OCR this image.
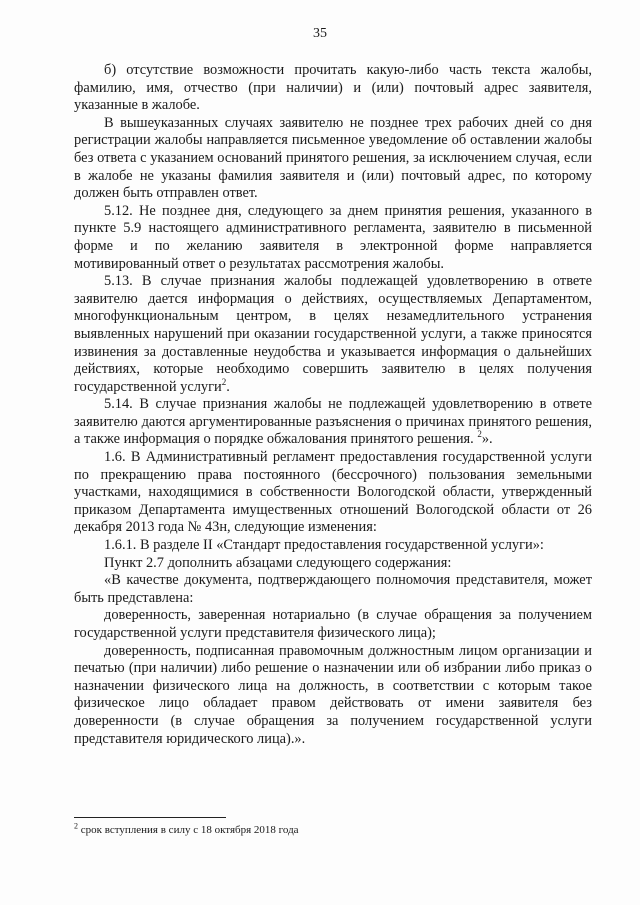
35

б) отсутствие возможности прочитать какую-либо часть текста жалобы, фамилию, имя, отчество (при наличии) и (или) почтовый адрес заявителя, указанные в жалобе.

В вышеуказанных случаях заявителю не позднее трех рабочих дней со дня регистрации жалобы направляется письменное уведомление об оставлении жалобы без ответа с указанием оснований принятого решения, за исключением случая, если в жалобе не указаны фамилия заявителя и (или) почтовый адрес, по которому должен быть отправлен ответ.

5.12. Не позднее дня, следующего за днем принятия решения, указанного в пункте 5.9 настоящего административного регламента, заявителю в письменной форме и по желанию заявителя в электронной форме направляется мотивированный ответ о результатах рассмотрения жалобы.

5.13. В случае признания жалобы подлежащей удовлетворению в ответе заявителю дается информация о действиях, осуществляемых Департаментом, многофункциональным центром, в целях незамедлительного устранения выявленных нарушений при оказании государственной услуги, а также приносятся извинения за доставленные неудобства и указывается информация о дальнейших действиях, которые необходимо совершить заявителю в целях получения государственной услуги$^2$.

5.14. В случае признания жалобы не подлежащей удовлетворению в ответе заявителю даются аргументированные разъяснения о причинах принятого решения, а также информация о порядке обжалования принятого решения. $^2$».

1.6. В Административный регламент предоставления государственной услуги по прекращению права постоянного (бессрочного) пользования земельными участками, находящимися в собственности Вологодской области, утвержденный приказом Департамента имущественных отношений Вологодской области от 26 декабря 2013 года № 43н, следующие изменения:

1.6.1. В разделе II «Стандарт предоставления государственной услуги»:

Пункт 2.7 дополнить абзацами следующего содержания:

«В качестве документа, подтверждающего полномочия представителя, может быть представлена:

доверенность, заверенная нотариально (в случае обращения за получением государственной услуги представителя физического лица);

доверенность, подписанная правомочным должностным лицом организации и печатью (при наличии) либо решение о назначении или об избрании либо приказ о назначении физического лица на должность, в соответствии с которым такое физическое лицо обладает правом действовать от имени заявителя без доверенности (в случае обращения за получением государственной услуги представителя юридического лица).».

$^2$ срок вступления в силу с 18 октября 2018 года
